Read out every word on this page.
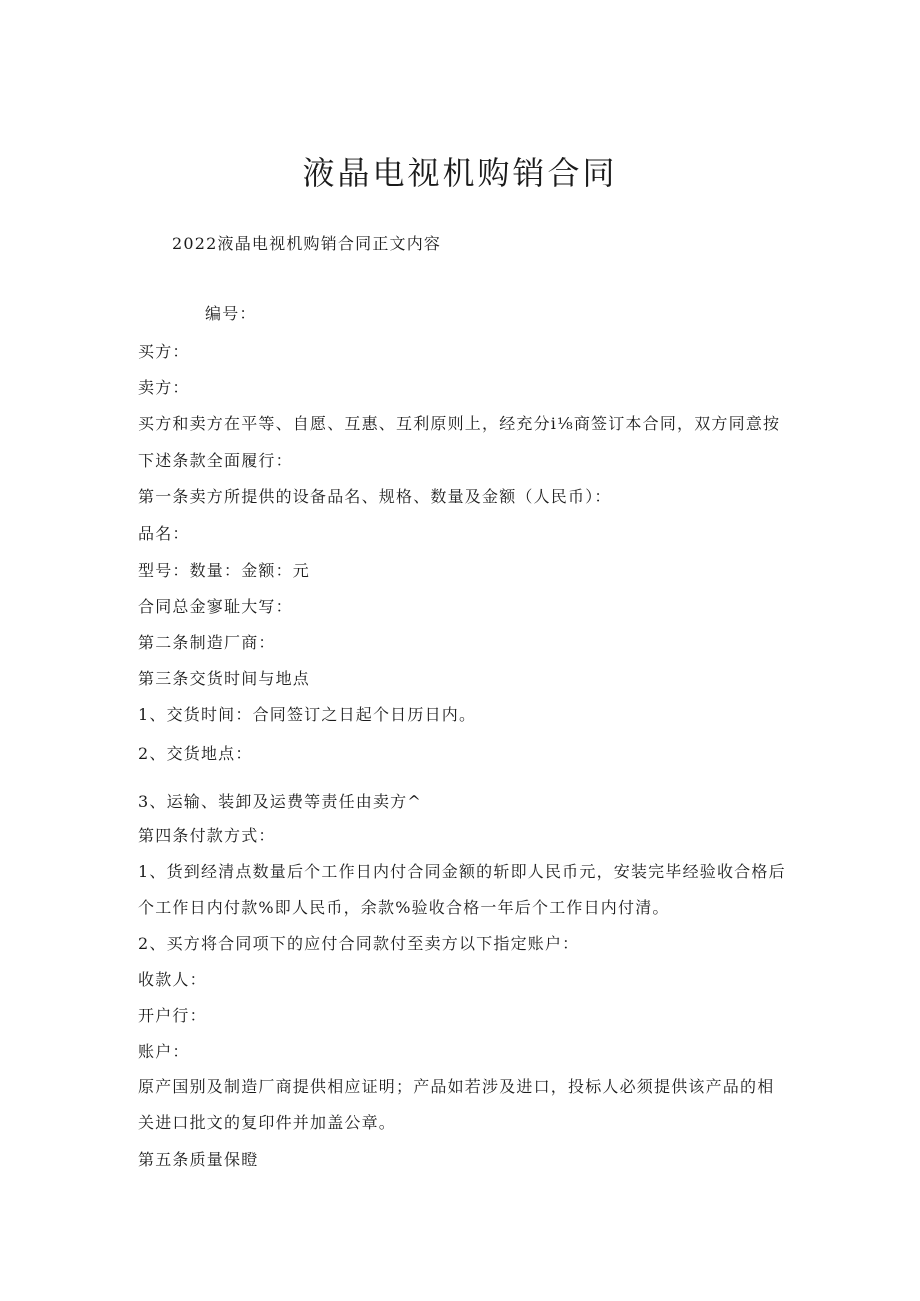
液晶电视机购销合同
2022液晶电视机购销合同正文内容
编号：
买方：
卖方：
买方和卖方在平等、自愿、互惠、互利原则上，经充分i⅛商签订本合同，双方同意按
下述条款全面履行：
第一条卖方所提供的设备品名、规格、数量及金额（人民币）：
品名：
型号：数量：金额：元
合同总金寥耻大写：
第二条制造厂商：
第三条交货时间与地点
1、交货时间：合同签订之日起个日历日内。
2、交货地点：
3、运输、装卸及运费等责任由卖方^
第四条付款方式：
1、货到经清点数量后个工作日内付合同金额的斩即人民币元，安装完毕经验收合格后
个工作日内付款%即人民币，余款%验收合格一年后个工作日内付清。
2、买方将合同项下的应付合同款付至卖方以下指定账户：
收款人：
开户行：
账户：
原产国别及制造厂商提供相应证明；产品如若涉及进口，投标人必须提供该产品的相
关进口批文的复印件并加盖公章。
第五条质量保瞪
